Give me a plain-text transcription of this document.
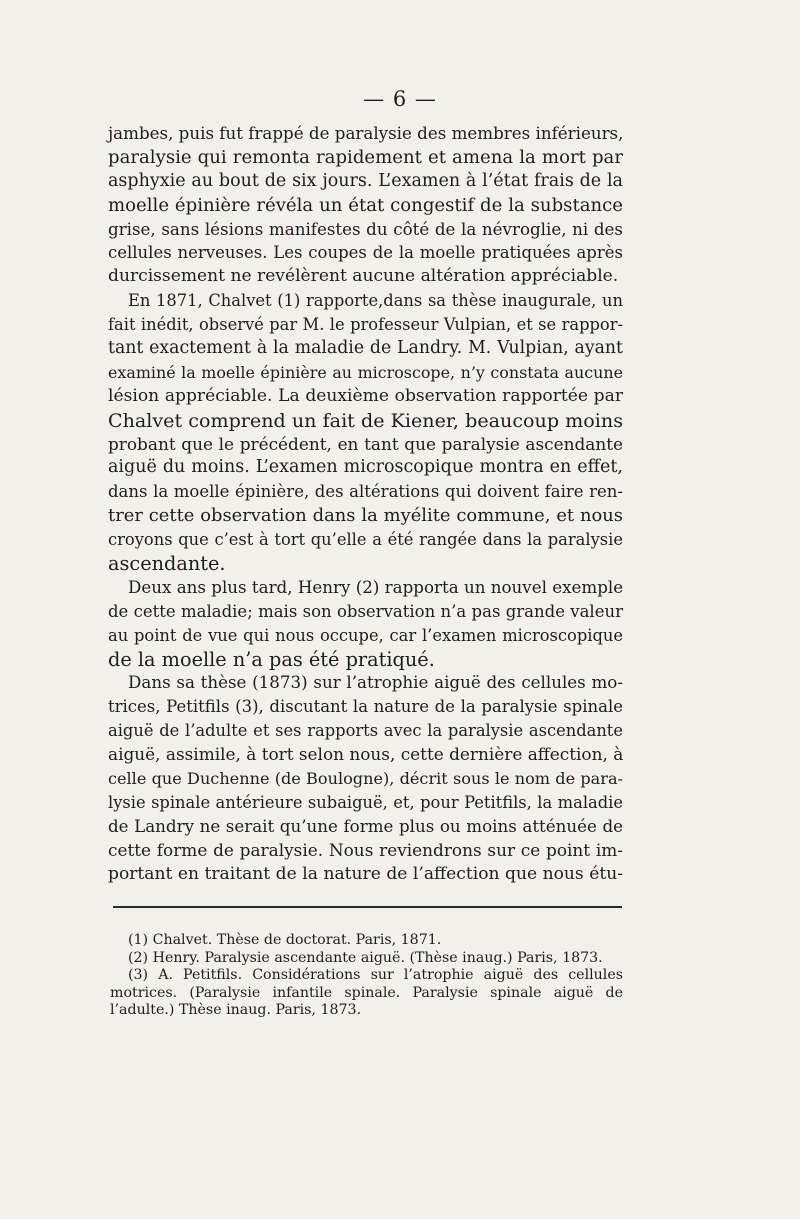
— 6 —
jambes, puis fut frappé de paralysie des membres inférieurs,
paralysie qui remonta rapidement et amena la mort par
asphyxie au bout de six jours. L’examen à l’état frais de la
moelle épinière révéla un état congestif de la substance
grise, sans lésions manifestes du côté de la névroglie, ni des
cellules nerveuses. Les coupes de la moelle pratiquées après
durcissement ne revélèrent aucune altération appréciable.
En 1871, Chalvet (1) rapporte,dans sa thèse inaugurale, un
fait inédit, observé par M. le professeur Vulpian, et se rappor-
tant exactement à la maladie de Landry. M. Vulpian, ayant
examiné la moelle épinière au microscope, n’y constata aucune
lésion appréciable. La deuxième observation rapportée par
Chalvet comprend un fait de Kiener, beaucoup moins
probant que le précédent, en tant que paralysie ascendante
aiguë du moins. L’examen microscopique montra en effet,
dans la moelle épinière, des altérations qui doivent faire ren-
trer cette observation dans la myélite commune, et nous
croyons que c’est à tort qu’elle a été rangée dans la paralysie
ascendante.
Deux ans plus tard, Henry (2) rapporta un nouvel exemple
de cette maladie; mais son observation n’a pas grande valeur
au point de vue qui nous occupe, car l’examen microscopique
de la moelle n’a pas été pratiqué.
Dans sa thèse (1873) sur l’atrophie aiguë des cellules mo-
trices, Petitfils (3), discutant la nature de la paralysie spinale
aiguë de l’adulte et ses rapports avec la paralysie ascendante
aiguë, assimile, à tort selon nous, cette dernière affection, à
celle que Duchenne (de Boulogne), décrit sous le nom de para-
lysie spinale antérieure subaiguë, et, pour Petitfils, la maladie
de Landry ne serait qu’une forme plus ou moins atténuée de
cette forme de paralysie. Nous reviendrons sur ce point im-
portant en traitant de la nature de l’affection que nous étu-
(1) Chalvet. Thèse de doctorat. Paris, 1871.
(2) Henry. Paralysie ascendante aiguë. (Thèse inaug.) Paris, 1873.
(3) A. Petitfils. Considérations sur l’atrophie aiguë des cellules
motrices. (Paralysie infantile spinale. Paralysie spinale aiguë de
l’adulte.) Thèse inaug. Paris, 1873.
